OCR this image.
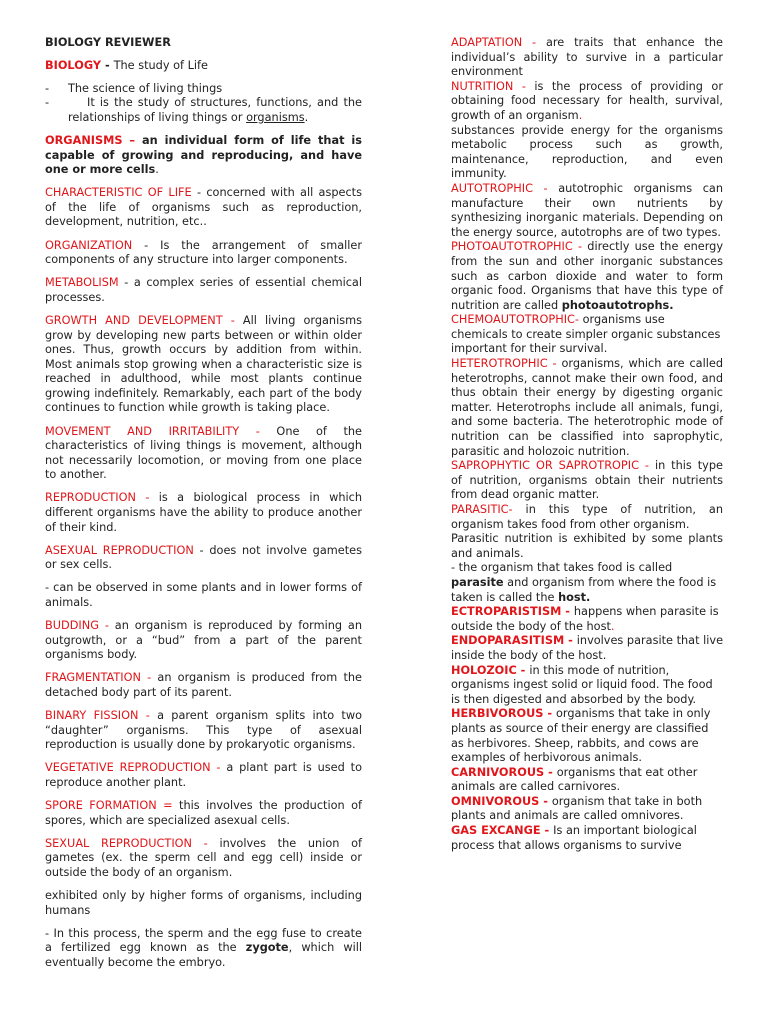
BIOLOGY REVIEWER

BIOLOGY - The study of Life

- The science of living things
- It is the study of structures, functions, and the relationships of living things or organisms.

ORGANISMS – an individual form of life that is capable of growing and reproducing, and have one or more cells.

CHARACTERISTIC OF LIFE - concerned with all aspects of the life of organisms such as reproduction, development, nutrition, etc..

ORGANIZATION - Is the arrangement of smaller components of any structure into larger components.

METABOLISM - a complex series of essential chemical processes.

GROWTH AND DEVELOPMENT - All living organisms grow by developing new parts between or within older ones. Thus, growth occurs by addition from within. Most animals stop growing when a characteristic size is reached in adulthood, while most plants continue growing indefinitely. Remarkably, each part of the body continues to function while growth is taking place.

MOVEMENT AND IRRITABILITY - One of the characteristics of living things is movement, although not necessarily locomotion, or moving from one place to another.

REPRODUCTION - is a biological process in which different organisms have the ability to produce another of their kind.

ASEXUAL REPRODUCTION - does not involve gametes or sex cells.

- can be observed in some plants and in lower forms of animals.

BUDDING - an organism is reproduced by forming an outgrowth, or a “bud” from a part of the parent organisms body.

FRAGMENTATION - an organism is produced from the detached body part of its parent.

BINARY FISSION - a parent organism splits into two “daughter” organisms. This type of asexual reproduction is usually done by prokaryotic organisms.

VEGETATIVE REPRODUCTION - a plant part is used to reproduce another plant.

SPORE FORMATION = this involves the production of spores, which are specialized asexual cells.

SEXUAL REPRODUCTION - involves the union of gametes (ex. the sperm cell and egg cell) inside or outside the body of an organism.

exhibited only by higher forms of organisms, including humans

- In this process, the sperm and the egg fuse to create a fertilized egg known as the zygote, which will eventually become the embryo.

ADAPTATION - are traits that enhance the individual’s ability to survive in a particular environment

NUTRITION - is the process of providing or obtaining food necessary for health, survival, growth of an organism.

substances provide energy for the organisms metabolic process such as growth, maintenance, reproduction, and even immunity.

AUTOTROPHIC - autotrophic organisms can manufacture their own nutrients by synthesizing inorganic materials. Depending on the energy source, autotrophs are of two types.

PHOTOAUTOTROPHIC - directly use the energy from the sun and other inorganic substances such as carbon dioxide and water to form organic food. Organisms that have this type of nutrition are called photoautotrophs.

CHEMOAUTOTROPHIC- organisms use chemicals to create simpler organic substances important for their survival.

HETEROTROPHIC - organisms, which are called heterotrophs, cannot make their own food, and thus obtain their energy by digesting organic matter. Heterotrophs include all animals, fungi, and some bacteria. The heterotrophic mode of nutrition can be classified into saprophytic, parasitic and holozoic nutrition.

SAPROPHYTIC OR SAPROTROPIC - in this type of nutrition, organisms obtain their nutrients from dead organic matter.

PARASITIC- in this type of nutrition, an organism takes food from other organism.

Parasitic nutrition is exhibited by some plants and animals.

- the organism that takes food is called parasite and organism from where the food is taken is called the host.

ECTROPARISTISM - happens when parasite is outside the body of the host.

ENDOPARASITISM - involves parasite that live inside the body of the host.

HOLOZOIC - in this mode of nutrition, organisms ingest solid or liquid food. The food is then digested and absorbed by the body.

HERBIVOROUS - organisms that take in only plants as source of their energy are classified as herbivores. Sheep, rabbits, and cows are examples of herbivorous animals.

CARNIVOROUS - organisms that eat other animals are called carnivores.

OMNIVOROUS - organism that take in both plants and animals are called omnivores.

GAS EXCANGE - Is an important biological process that allows organisms to survive
